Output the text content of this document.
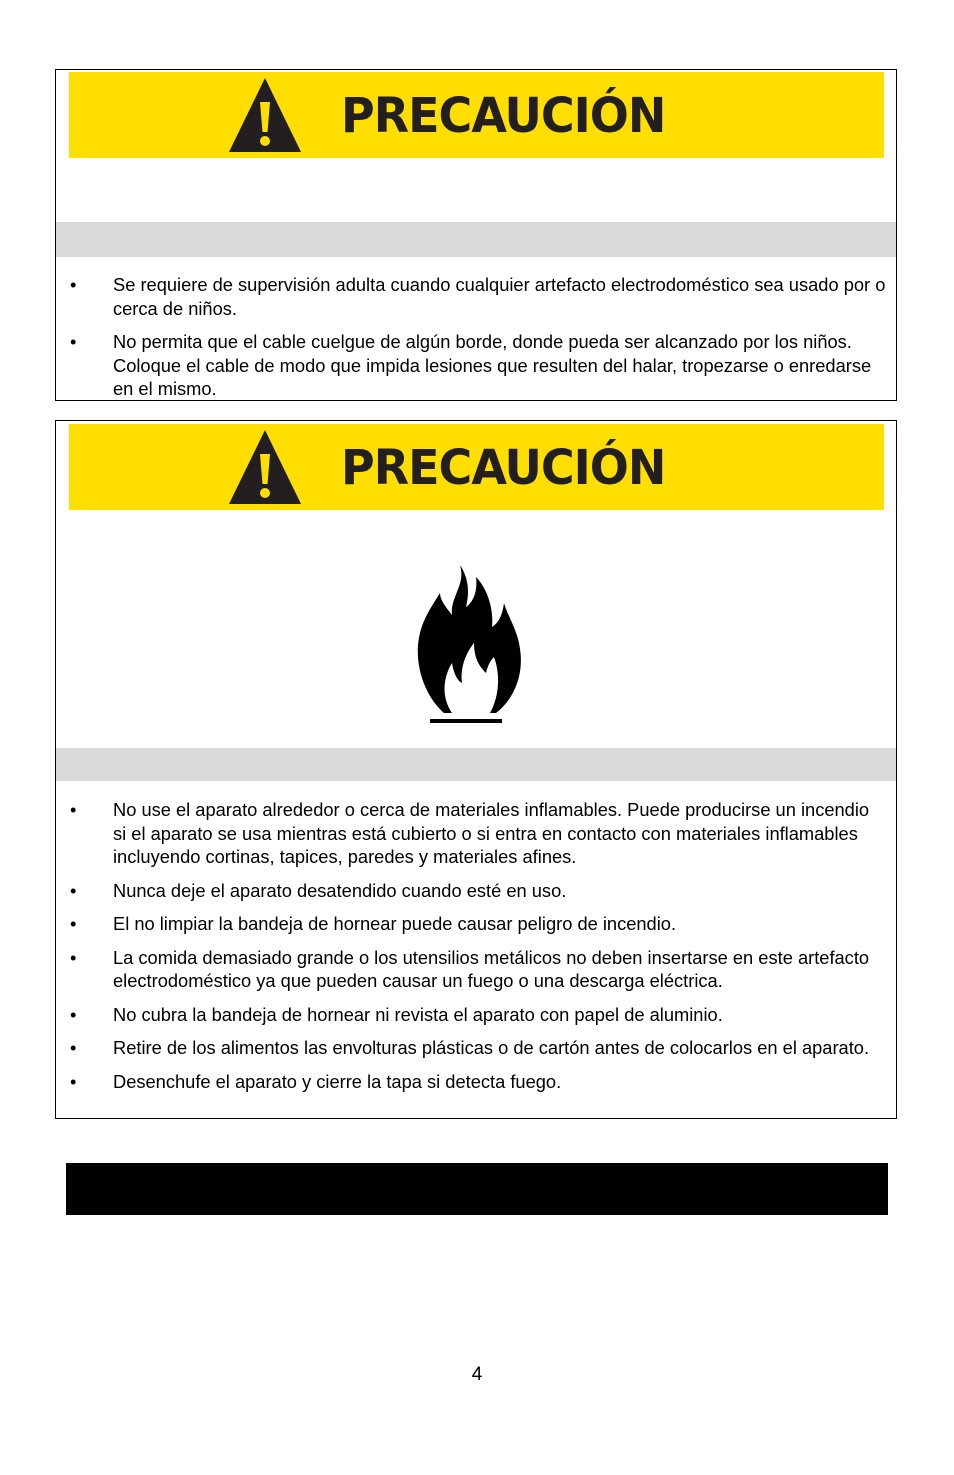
PRECAUCIÓN
• Se requiere de supervisión adulta cuando cualquier artefacto electrodoméstico sea usado por o cerca de niños.
• No permita que el cable cuelgue de algún borde, donde pueda ser alcanzado por los niños. Coloque el cable de modo que impida lesiones que resulten del halar, tropezarse o enredarse en el mismo.
PRECAUCIÓN
• No use el aparato alrededor o cerca de materiales inflamables. Puede producirse un incendio si el aparato se usa mientras está cubierto o si entra en contacto con materiales inflamables incluyendo cortinas, tapices, paredes y materiales afines.
• Nunca deje el aparato desatendido cuando esté en uso.
• El no limpiar la bandeja de hornear puede causar peligro de incendio.
• La comida demasiado grande o los utensilios metálicos no deben insertarse en este artefacto electrodoméstico ya que pueden causar un fuego o una descarga eléctrica.
• No cubra la bandeja de hornear ni revista el aparato con papel de aluminio.
• Retire de los alimentos las envolturas plásticas o de cartón antes de colocarlos en el aparato.
• Desenchufe el aparato y cierre la tapa si detecta fuego.
4
